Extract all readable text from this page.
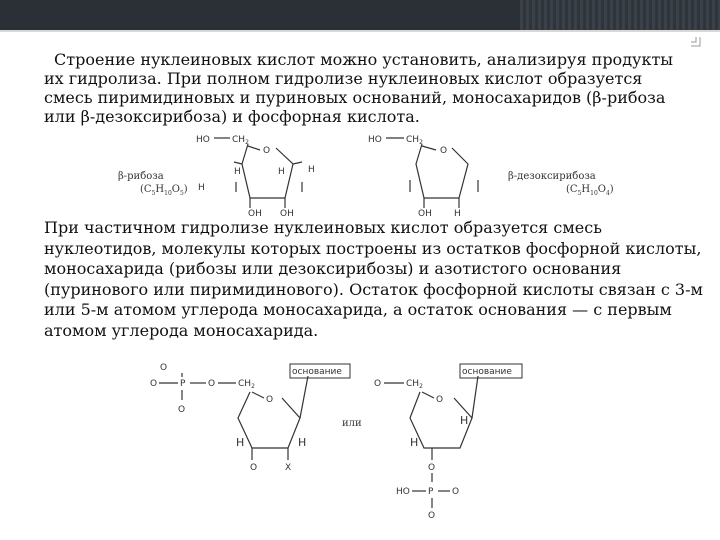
Строение нуклеиновых кислот можно установить, анализируя продукты их гидролиза. При полном гидролизе нуклеиновых кислот образуется смесь пиримидиновых и пуриновых оснований, моносахаридов (β-рибоза или β-дезоксирибоза) и фосфорная кислота.
β-рибоза
$(C_5H_{10}O_5)$
β-дезоксирибоза
$(C_5H_{10}O_4)$
HO $CH_2$
O
H	H
OH OH
H
H
HO	$CH_2$
O
OH H
При частичном гидролизе нуклеиновых кислот образуется смесь нуклеотидов, молекулы которых построены из остатков фосфорной кислоты, моносахарида (рибозы или дезоксирибозы) и азотистого основания (пуринового или пиримидинового). Остаток фосфорной кислоты связан с 3-м или 5-м атомом углерода моносахарида, а остаток основания — с первым атомом углерода моносахарида.
O
O	P
O
O	$CH_2$
основание
O
H	H
O	X
или
O	$CH_2$
основание
O
H
H
O
HO P O
O
